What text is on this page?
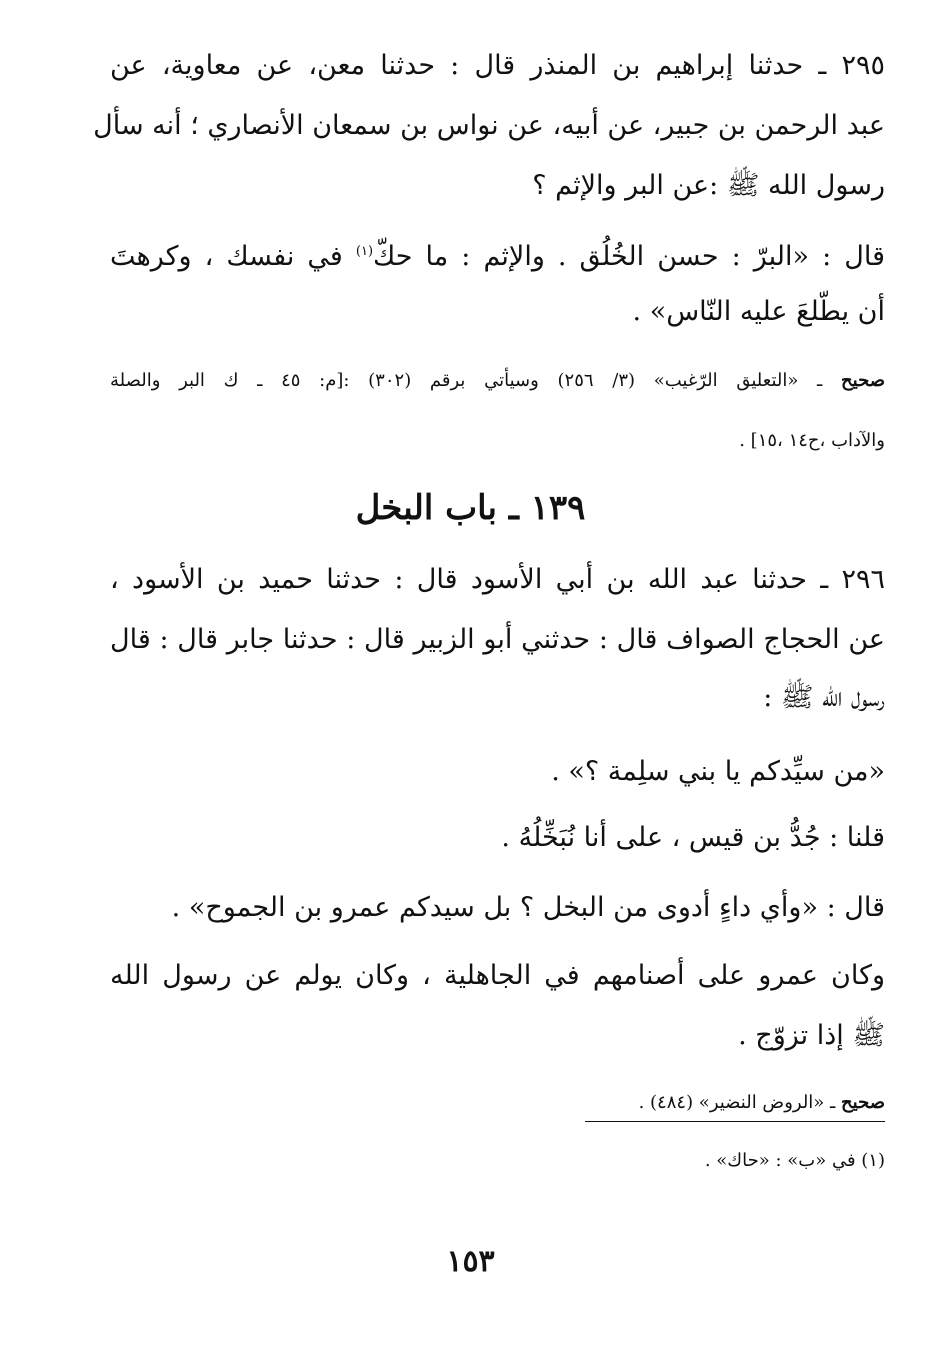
٢٩٥ ـ حدثنا إبراهيم بن المنذر قال : حدثنا معن، عن معاوية، عن
عبد الرحمن بن جبير، عن أبيه، عن نواس بن سمعان الأنصاري ؛ أنه سأل
رسول الله ﷺ :عن البر والإثم ؟
قال : «البرّ : حسن الخُلُق . والإثم : ما حكّ$^{(١)}$ في نفسك ، وكرهتَ
أن يطّلعَ عليه النّاس» .
صحيح ـ «التعليق الرّغيب» (٣/ ٢٥٦) وسيأتي برقم (٣٠٢) :[م: ٤٥ ـ ك البر والصلة
والآداب ،ح١٤ ،١٥] .
١٣٩ ـ باب البخل
٢٩٦ ـ حدثنا عبد الله بن أبي الأسود قال : حدثنا حميد بن الأسود ،
عن الحجاج الصواف قال : حدثني أبو الزبير قال : حدثنا جابر قال : قال
رسول الله ﷺ :
«من سيِّدكم يا بني سلِمة ؟» .
قلنا : جُدُّ بن قيس ، على أنا نُبَخِّلُهُ .
قال : «وأي داءٍ أدوى من البخل ؟ بل سيدكم عمرو بن الجموح» .
وكان عمرو على أصنامهم في الجاهلية ، وكان يولم عن رسول الله
ﷺ إذا تزوّج .
صحيح ـ «الروض النضير» (٤٨٤) .
(١) في «ب» : «حاك» .
١٥٣
